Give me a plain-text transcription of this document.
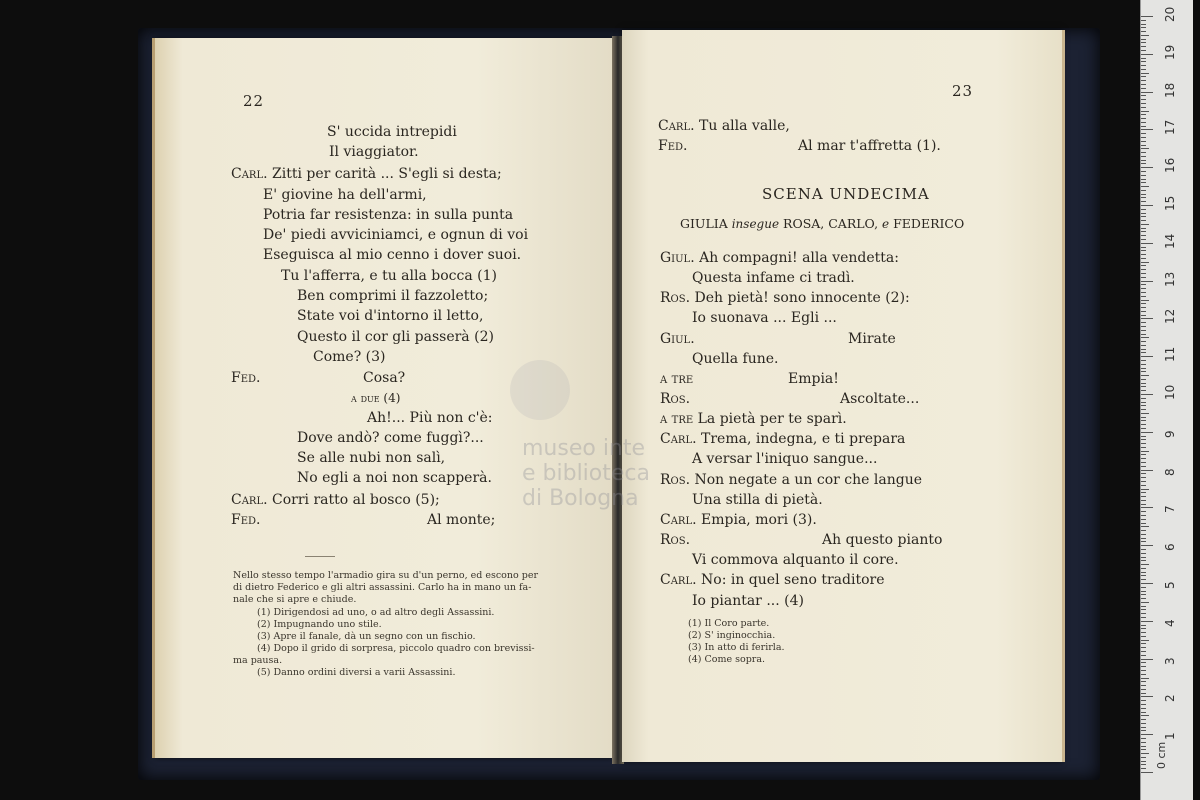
22
S' uccida intrepidi
Il viaggiator.
Carl. Zitti per carità ... S'egli si desta;
E' giovine ha dell'armi,
Potria far resistenza: in sulla punta
De' piedi avviciniamci, e ognun di voi
Eseguisca al mio cenno i dover suoi.
Tu l'afferra, e tu alla bocca (1)
Ben comprimi il fazzoletto;
State voi d'intorno il letto,
Questo il cor gli passerà (2)
Come? (3)
Fed.	Cosa?
a due (4)
Ah!... Più non c'è:
Dove andò? come fuggì?...
Se alle nubi non salì,
No egli a noi non scapperà.
Carl. Corri ratto al bosco (5);
Fed.	Al monte;
Nello stesso tempo l'armadio gira su d'un perno, ed escono per
di dietro Federico e gli altri assassini. Carlo ha in mano un fa-
nale che si apre e chiude.
(1) Dirigendosi ad uno, o ad altro degli Assassini.
(2) Impugnando uno stile.
(3) Apre il fanale, dà un segno con un fischio.
(4) Dopo il grido di sorpresa, piccolo quadro con brevissi-
ma pausa.
(5) Danno ordini diversi a varii Assassini.
23
Carl. Tu alla valle,
Fed.	Al mar t'affretta (1).
SCENA UNDECIMA
GIULIA insegue ROSA, CARLO, e FEDERICO
Giul. Ah compagni! alla vendetta:
Questa infame ci tradì.
Ros. Deh pietà! sono innocente (2):
Io suonava ... Egli ...
Giul.	Mirate
Quella fune.
a tre	Empia!
Ros.	Ascoltate...
a tre La pietà per te sparì.
Carl. Trema, indegna, e ti prepara
A versar l'iniquo sangue...
Ros. Non negate a un cor che langue
Una stilla di pietà.
Carl. Empia, mori (3).
Ros.	Ah questo pianto
Vi commova alquanto il core.
Carl. No: in quel seno traditore
Io piantar ... (4)
(1) Il Coro parte.
(2) S' inginocchia.
(3) In atto di ferirla.
(4) Come sopra.
museo inte
e biblioteca
di Bologna
0 cm
1
2
3
4
5
6
7
8
9
10
11
12
13
14
15
16
17
18
19
20
